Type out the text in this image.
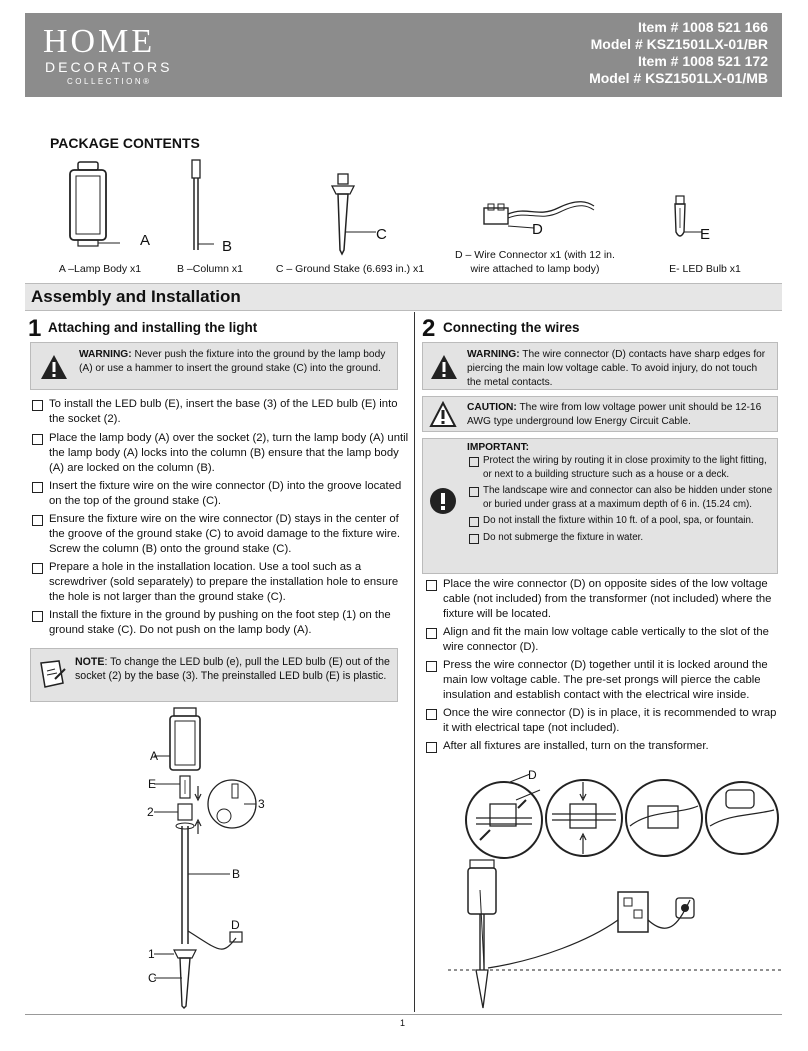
HOME
DECORATORS
COLLECTION®
Item # 1008 521 166
Model # KSZ1501LX-01/BR
Item # 1008 521 172
Model # KSZ1501LX-01/MB
PACKAGE CONTENTS
A
A –Lamp Body x1
B
B –Column x1
C
C – Ground Stake (6.693 in.) x1
D
D – Wire Connector x1 (with 12 in.
wire attached to lamp body)
E
E- LED Bulb x1
Assembly and Installation
1 Attaching and installing the light
WARNING: Never push the fixture into the ground by the lamp body (A) or use a hammer to insert the ground stake (C) into the ground.
To install the LED bulb (E), insert the base (3) of the LED bulb (E) into the socket (2).
Place the lamp body (A) over the socket (2), turn the lamp body (A) until the lamp body (A) locks into the column (B) ensure that the lamp body (A) are locked on the column (B).
Insert the fixture wire on the wire connector (D) into the groove located on the top of the ground stake (C).
Ensure the fixture wire on the wire connector (D) stays in the center of the groove of the ground stake (C) to avoid damage to the fixture wire. Screw the column (B) onto the ground stake (C).
Prepare a hole in the installation location. Use a tool such as a screwdriver (sold separately) to prepare the installation hole to ensure the hole is not larger than the ground stake (C).
Install the fixture in the ground by pushing on the foot step (1) on the ground stake (C). Do not push on the lamp body (A).
NOTE: To change the LED bulb (e), pull the LED bulb (E) out of the socket (2) by the base (3). The preinstalled LED bulb (E) is plastic.
A
E
2
3
B
D
1
C
2 Connecting the wires
WARNING: The wire connector (D) contacts have sharp edges for piercing the main low voltage cable. To avoid injury, do not touch the metal contacts.
CAUTION: The wire from low voltage power unit should be 12-16 AWG type underground low Energy Circuit Cable.
IMPORTANT:
Protect the wiring by routing it in close proximity to the light fitting, or next to a building structure such as a house or a deck.
The landscape wire and connector can also be hidden under stone or buried under grass at a maximum depth of 6 in. (15.24 cm).
Do not install the fixture within 10 ft. of a pool, spa, or fountain.
Do not submerge the fixture in water.
Place the wire connector (D) on opposite sides of the low voltage cable (not included) from the transformer (not included) where the fixture will be located.
Align and fit the main low voltage cable vertically to the slot of the wire connector (D).
Press the wire connector (D) together until it is locked around the main low voltage cable. The pre-set prongs will pierce the cable insulation and establish contact with the electrical wire inside.
Once the wire connector (D) is in place, it is recommended to wrap it with electrical tape (not included).
After all fixtures are installed, turn on the transformer.
D
1
